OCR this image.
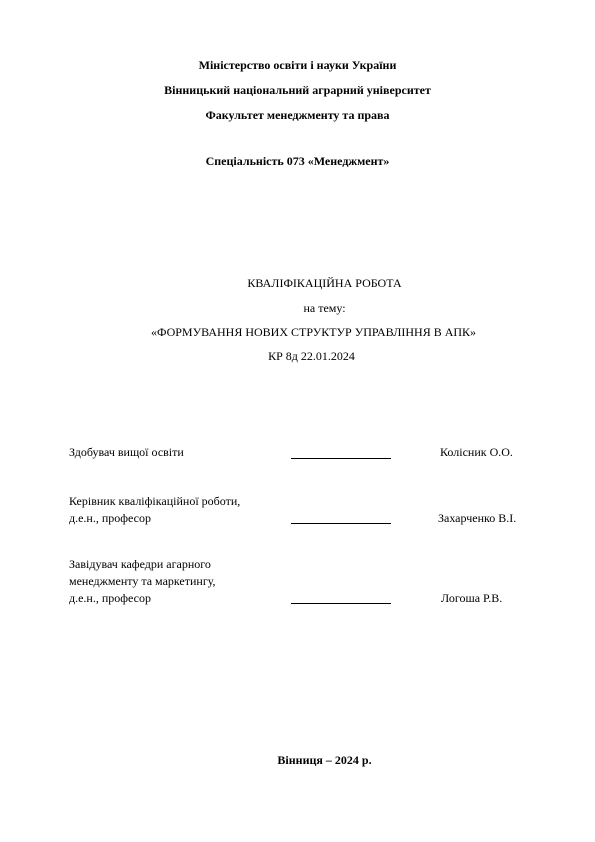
Міністерство освіти і науки України
Вінницький національний аграрний університет
Факультет менеджменту та права
Спеціальність 073 «Менеджмент»
КВАЛІФІКАЦІЙНА РОБОТА
на тему:
«ФОРМУВАННЯ НОВИХ СТРУКТУР УПРАВЛІННЯ В АПК»
КР 8д 22.01.2024
Здобувач вищої освіти	Колісник О.О.
Керівник кваліфікаційної роботи,
д.е.н., професор	Захарченко В.І.
Завідувач кафедри агарного
менеджменту та маркетингу,
д.е.н., професор	Логоша Р.В.
Вінниця – 2024 р.
